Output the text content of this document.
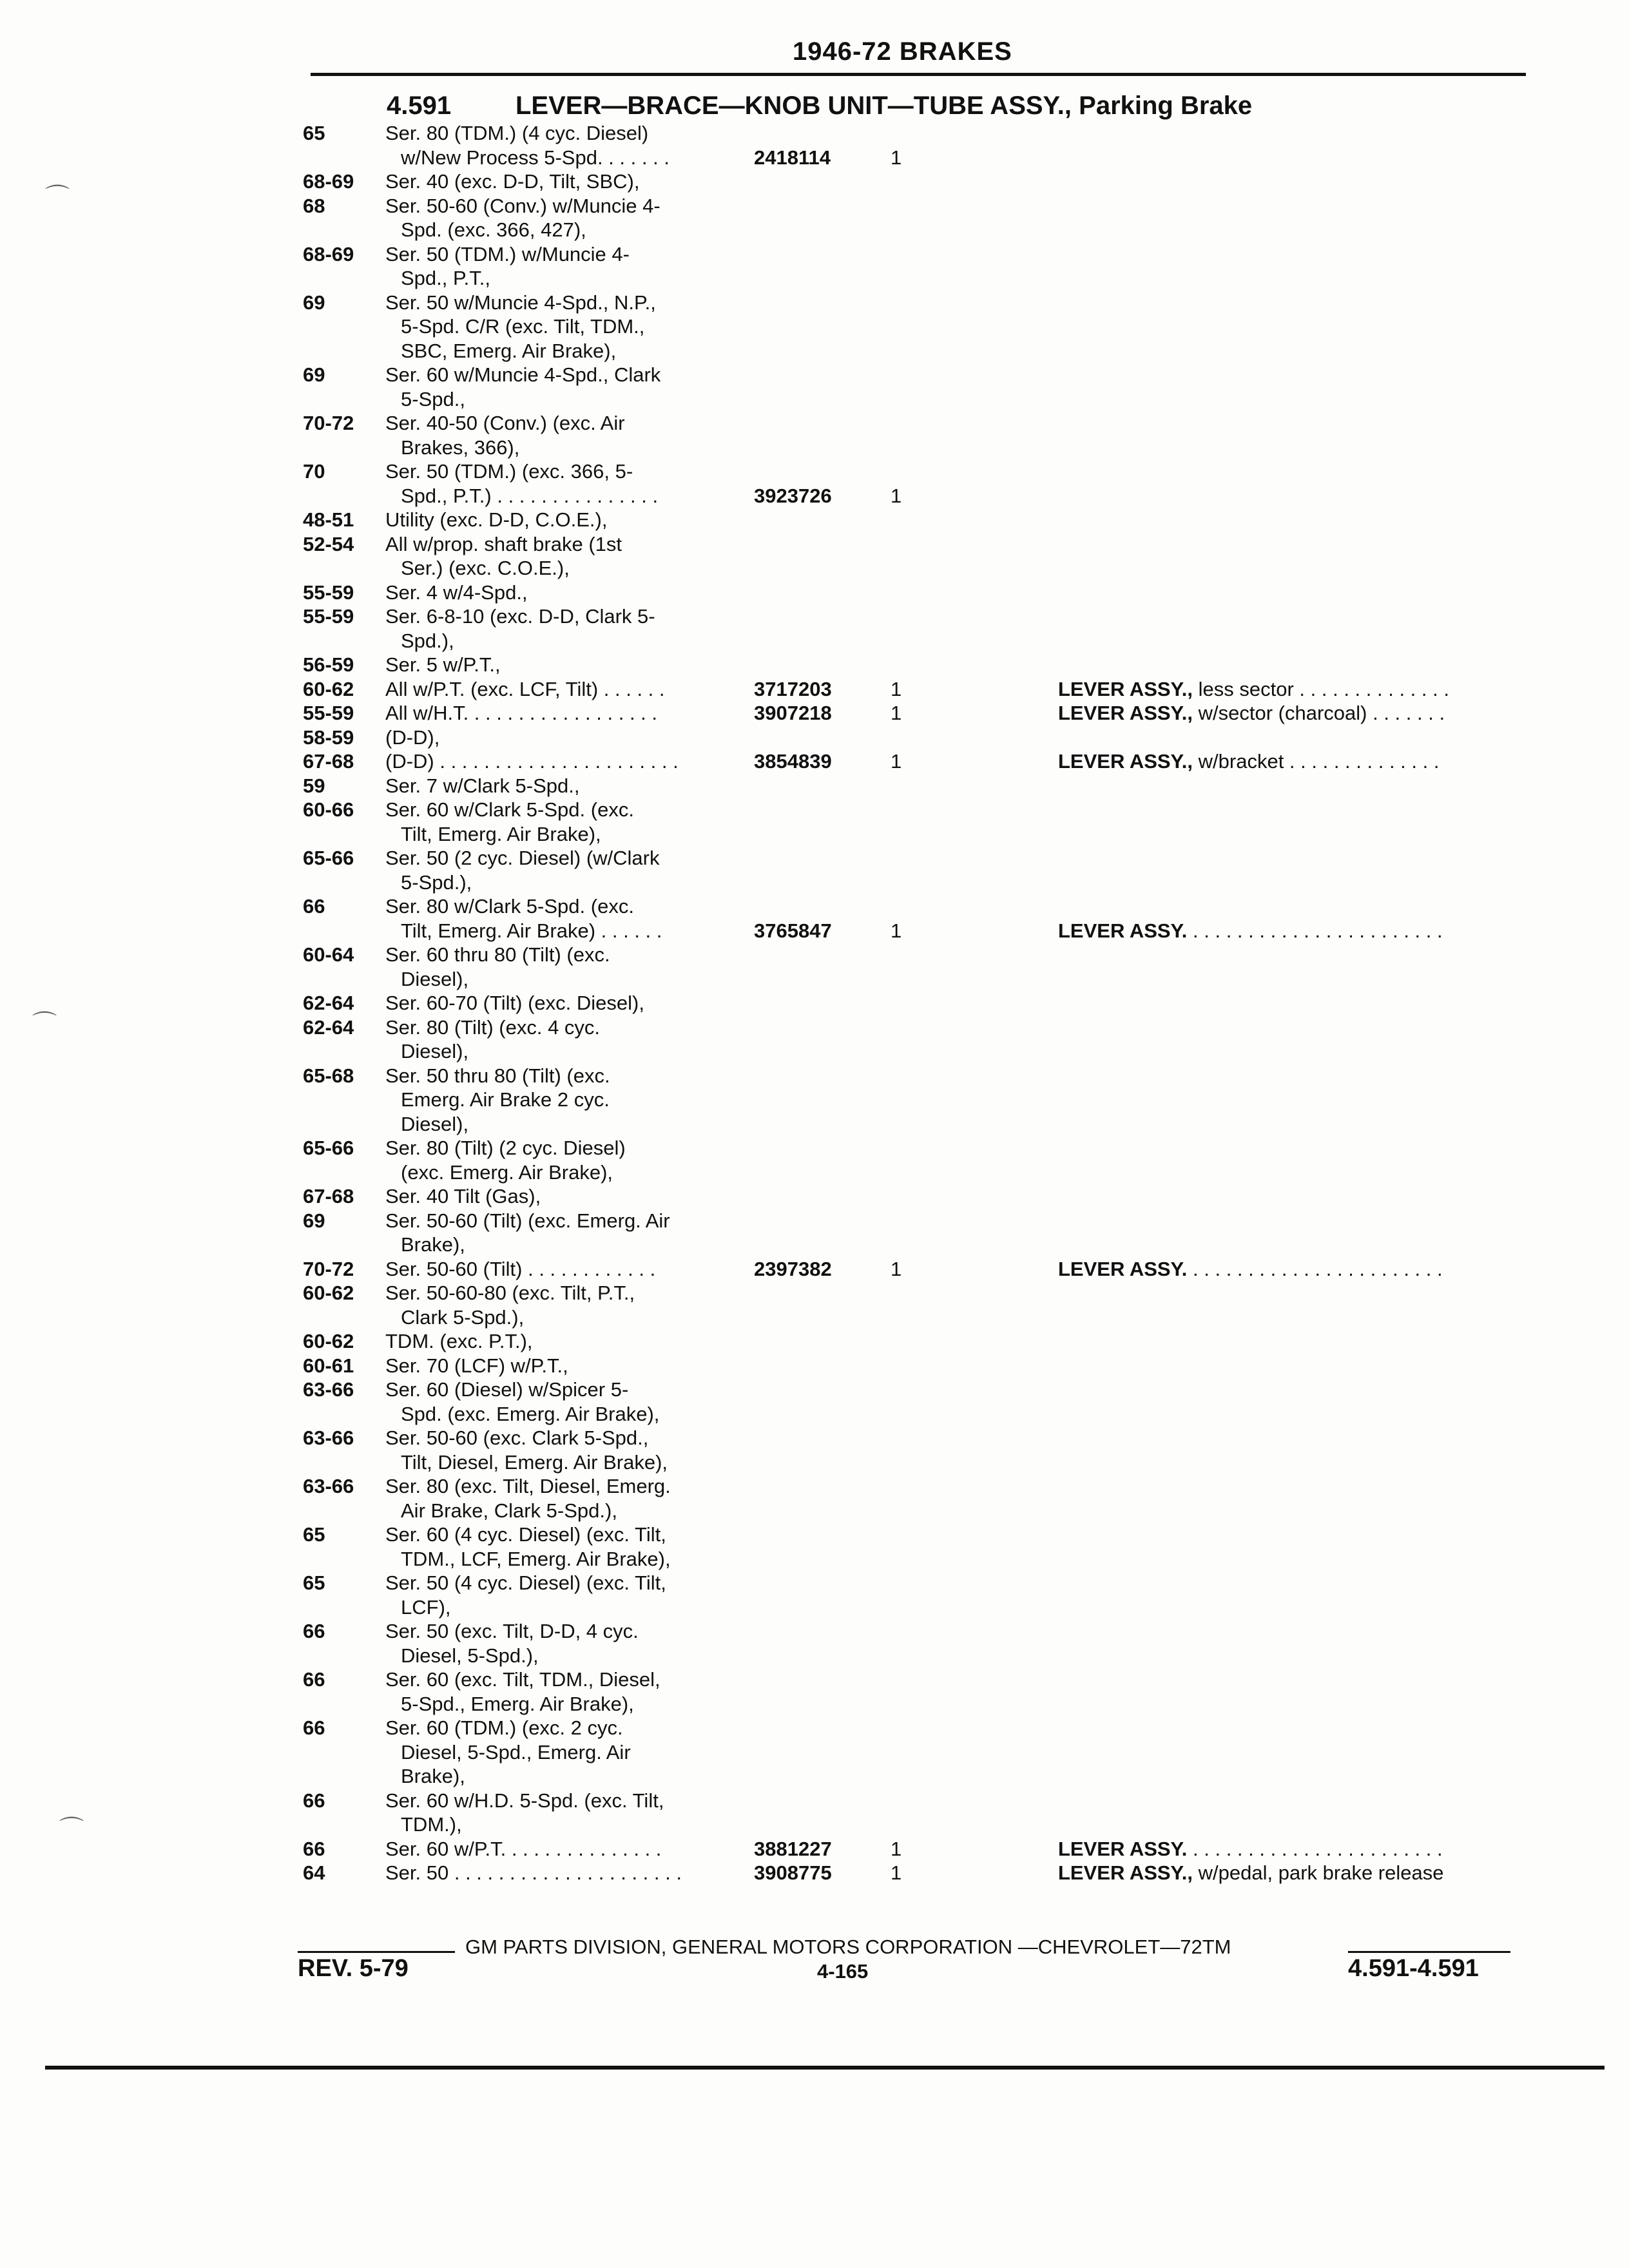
1946-72 BRAKES
4.591 LEVER—BRACE—KNOB UNIT—TUBE ASSY., Parking Brake
65	Ser. 80 (TDM.) (4 cyc. Diesel)
w/New Process 5-Spd. . . . . . .	2418114	1
68-69	Ser. 40 (exc. D-D, Tilt, SBC),
68	Ser. 50-60 (Conv.) w/Muncie 4-
Spd. (exc. 366, 427),
68-69	Ser. 50 (TDM.) w/Muncie 4-
Spd., P.T.,
69	Ser. 50 w/Muncie 4-Spd., N.P.,
5-Spd. C/R (exc. Tilt, TDM.,
SBC, Emerg. Air Brake),
69	Ser. 60 w/Muncie 4-Spd., Clark
5-Spd.,
70-72	Ser. 40-50 (Conv.) (exc. Air
Brakes, 366),
70	Ser. 50 (TDM.) (exc. 366, 5-
Spd., P.T.) . . . . . . . . . . . . . . .	3923726	1
48-51	Utility (exc. D-D, C.O.E.),
52-54	All w/prop. shaft brake (1st
Ser.) (exc. C.O.E.),
55-59	Ser. 4 w/4-Spd.,
55-59	Ser. 6-8-10 (exc. D-D, Clark 5-
Spd.),
56-59	Ser. 5 w/P.T.,
60-62	All w/P.T. (exc. LCF, Tilt) . . . . . .	3717203	1	LEVER ASSY., less sector . . . . . . . . . . . . . .
55-59	All w/H.T. . . . . . . . . . . . . . . . . .	3907218	1	LEVER ASSY., w/sector (charcoal) . . . . . . .
58-59	(D-D),
67-68	(D-D) . . . . . . . . . . . . . . . . . . . . . .	3854839	1	LEVER ASSY., w/bracket . . . . . . . . . . . . . .
59	Ser. 7 w/Clark 5-Spd.,
60-66	Ser. 60 w/Clark 5-Spd. (exc.
Tilt, Emerg. Air Brake),
65-66	Ser. 50 (2 cyc. Diesel) (w/Clark
5-Spd.),
66	Ser. 80 w/Clark 5-Spd. (exc.
Tilt, Emerg. Air Brake) . . . . . .	3765847	1	LEVER ASSY. . . . . . . . . . . . . . . . . . . . . . . .
60-64	Ser. 60 thru 80 (Tilt) (exc.
Diesel),
62-64	Ser. 60-70 (Tilt) (exc. Diesel),
62-64	Ser. 80 (Tilt) (exc. 4 cyc.
Diesel),
65-68	Ser. 50 thru 80 (Tilt) (exc.
Emerg. Air Brake 2 cyc.
Diesel),
65-66	Ser. 80 (Tilt) (2 cyc. Diesel)
(exc. Emerg. Air Brake),
67-68	Ser. 40 Tilt (Gas),
69	Ser. 50-60 (Tilt) (exc. Emerg. Air
Brake),
70-72	Ser. 50-60 (Tilt) . . . . . . . . . . . .	2397382	1	LEVER ASSY. . . . . . . . . . . . . . . . . . . . . . . .
60-62	Ser. 50-60-80 (exc. Tilt, P.T.,
Clark 5-Spd.),
60-62	TDM. (exc. P.T.),
60-61	Ser. 70 (LCF) w/P.T.,
63-66	Ser. 60 (Diesel) w/Spicer 5-
Spd. (exc. Emerg. Air Brake),
63-66	Ser. 50-60 (exc. Clark 5-Spd.,
Tilt, Diesel, Emerg. Air Brake),
63-66	Ser. 80 (exc. Tilt, Diesel, Emerg.
Air Brake, Clark 5-Spd.),
65	Ser. 60 (4 cyc. Diesel) (exc. Tilt,
TDM., LCF, Emerg. Air Brake),
65	Ser. 50 (4 cyc. Diesel) (exc. Tilt,
LCF),
66	Ser. 50 (exc. Tilt, D-D, 4 cyc.
Diesel, 5-Spd.),
66	Ser. 60 (exc. Tilt, TDM., Diesel,
5-Spd., Emerg. Air Brake),
66	Ser. 60 (TDM.) (exc. 2 cyc.
Diesel, 5-Spd., Emerg. Air
Brake),
66	Ser. 60 w/H.D. 5-Spd. (exc. Tilt,
TDM.),
66	Ser. 60 w/P.T. . . . . . . . . . . . . . .	3881227	1	LEVER ASSY. . . . . . . . . . . . . . . . . . . . . . . .
64	Ser. 50 . . . . . . . . . . . . . . . . . . . . .	3908775	1	LEVER ASSY., w/pedal, park brake release
GM PARTS DIVISION, GENERAL MOTORS CORPORATION —CHEVROLET—72TM
REV. 5-79	4-165	4.591-4.591
⌒
⌒
⌒
